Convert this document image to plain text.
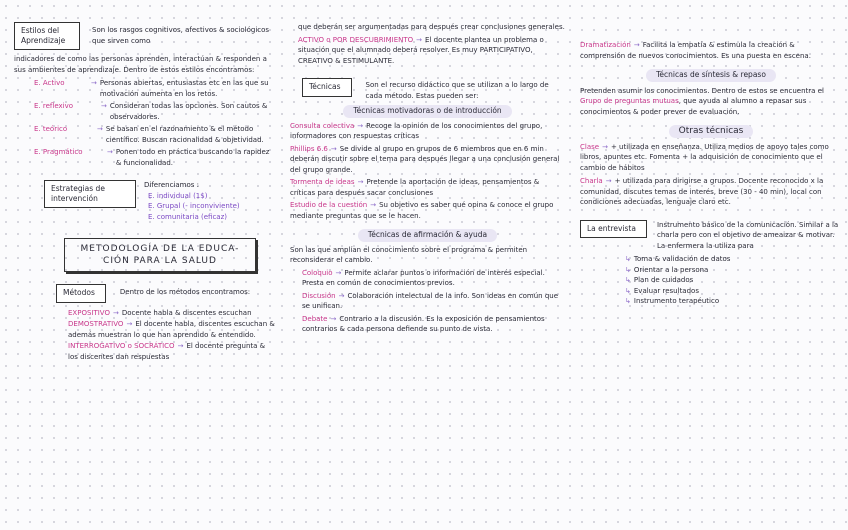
Estilos del Aprendizaje

Son los rasgos cognitivos, afectivos & sociológicos que sirven como

indicadores de como las personas aprenden, interactúan & responden a sus ambientes de aprendizaje. Dentro de estos estilos encontramos:

E. Activo	→ Personas abiertas, entusiastas etc en las que su motivación aumenta en los retos.
E. reflexivo	→ Consideran todas las opciones. Son cautos & observadores.
E. teórico	→ Se basan en el razonamiento & el método científico. Buscan racionalidad & objetividad.
E. Pragmático	→ Ponen todo en práctica buscando la rapidez & funcionalidad.
Estrategias de intervención

Diferenciamos :

E. individual (1$)

E. Grupal (- inconviviente)

E. comunitaria (eficaz)

METODOLOGÍA DE LA EDUCA- CIÓN PARA LA SALUD
Métodos	Dentro de los métodos encontramos:

EXPOSITIVO → Docente habla & discentes escuchan

DEMOSTRATIVO → El docente habla, discentes escuchan & además muestran lo que han aprendido & entendido.

INTERROGATIVO o SOCRÁTICO → El docente pregunta & los discentes dan respuestas

que deberán ser argumentadas para después crear conclusiones generales.

ACTIVO o POR DESCUBRIMIENTO → El docente plantea un problema o situación que el alumnado deberá resolver. Es muy PARTICIPATIVO, CREATIVO & ESTIMULANTE.

Técnicas	Son el recurso didáctico que se utilizan a lo largo de cada método. Estas pueden ser:

Técnicas motivadoras o de introducción

Consulta colectiva → Recoge la opinión de los conocimientos del grupo, informadores con respuestas críticas

Phillips 6.6 → Se divide al grupo en grupos de 6 miembros que en 6 min deberán discutir sobre el tema para después llegar a una conclusión general del grupo grande.

Tormenta de ideas → Pretende la aportación de ideas, pensamientos & críticas para después sacar conclusiones

Estudio de la cuestión → Su objetivo es saber qué opina & conoce el grupo mediante preguntas que se le hacen.

Técnicas de afirmación & ayuda

Son las que amplían el conocimiento sobre el programa & permiten reconsiderar el cambio.

Coloquio → Permite aclarar puntos o información de interés especial. Presta en común de conocimientos previos.

Discusión → Colaboración intelectual de la info. Son ideas en común que se unifican.

Debate → Contrario a la discusión. Es la exposición de pensamientos contrarios & cada persona defiende su punto de vista.

Dramatización → Facilita la empatía & estimula la creación & comprensión de nuevos conocimientos. Es una puesta en escena.

Técnicas de síntesis & repaso

Pretenden asumir los conocimientos. Dentro de estos se encuentra el Grupo de preguntas mutuas, que ayuda al alumno a repasar sus conocimientos & poder prever de evaluación.

Otras técnicas

Clase → + utilizada en enseñanza. Utiliza medios de apoyo tales como libros, apuntes etc. Fomenta + la adquisición de conocimiento que el cambio de hábitos

Charla → + utilizada para dirigirse a grupos. Docente reconocido x la comunidad, discutes temas de interés, breve (30 - 40 min), local con condiciones adecuadas, lenguaje claro etc.

La entrevista	Instrumento básico de la comunicación. Similar a la charla pero con el objetivo de ameaizar & motivar. La enfermera la utiliza para

↳ Toma & validación de datos
↳ Orientar a la persona
↳ Plan de cuidados
↳ Evaluar resultados
↳ Instrumento terapéutico
